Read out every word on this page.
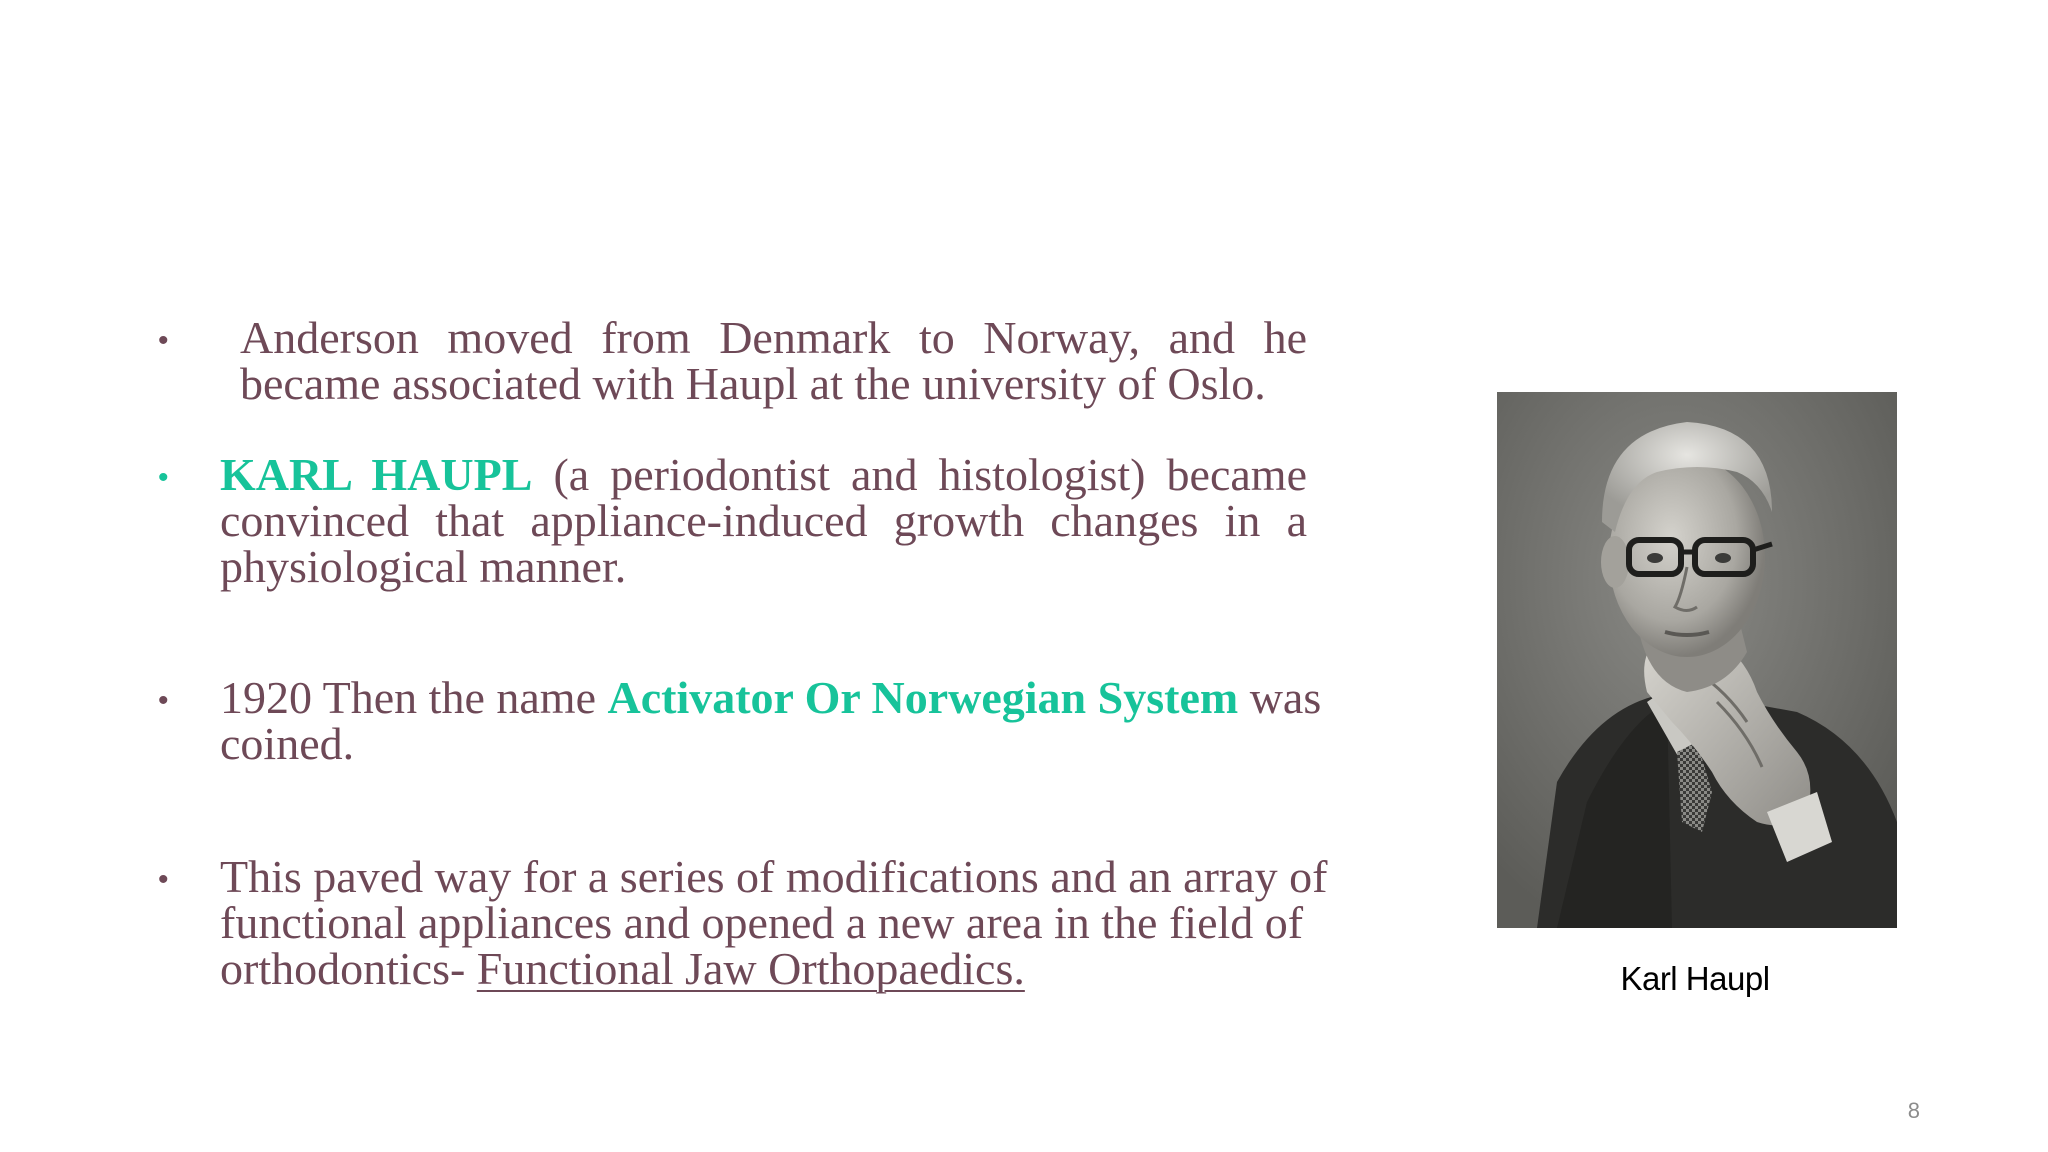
• Anderson moved from Denmark to Norway, and he
became associated with Haupl at the university of Oslo.
• KARL HAUPL (a periodontist and histologist) became
convinced that appliance-induced growth changes in a
physiological manner.
• 1920 Then the name Activator Or Norwegian System was
coined.
• This paved way for a series of modifications and an array of
functional appliances and opened a new area in the field of
orthodontics- Functional Jaw Orthopaedics.	Karl Haupl
8
